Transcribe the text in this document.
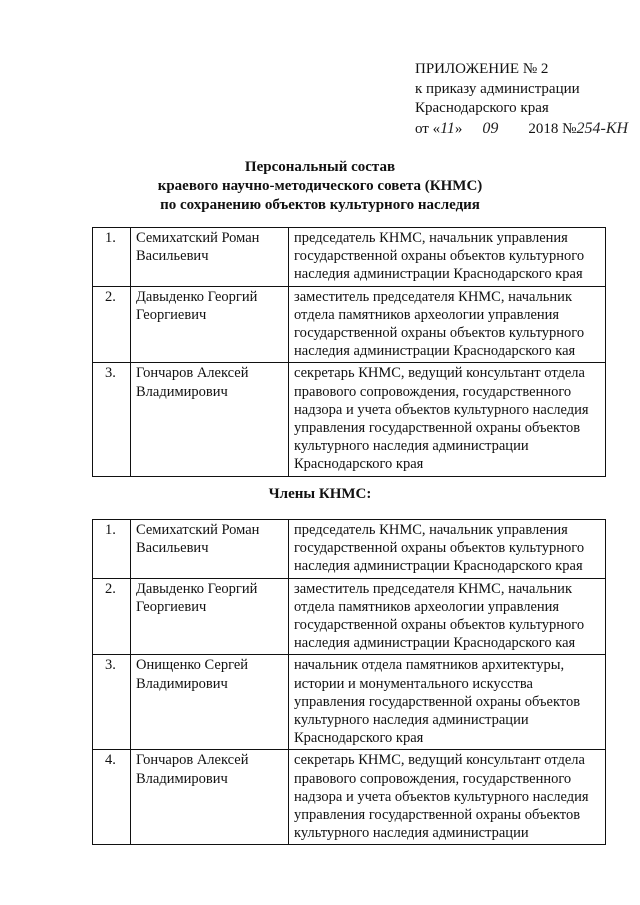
ПРИЛОЖЕНИЕ № 2
к приказу администрации
Краснодарского края
от «11» 09 2018 №254-КН
Персональный состав
краевого научно-методического совета (КНМС)
по сохранению объектов культурного наследия
1.	Семихатский Роман Васильевич	председатель КНМС, начальник управления государственной охраны объектов культурного наследия администрации Краснодарского края
2.	Давыденко Георгий Георгиевич	заместитель председателя КНМС, начальник отдела памятников археологии управления государственной охраны объектов культурного наследия администрации Краснодарского кая
3.	Гончаров Алексей Владимирович	секретарь КНМС, ведущий консультант отдела правового сопровождения, государственного надзора и учета объектов культурного наследия управления государственной охраны объектов культурного наследия администрации Краснодарского края
Члены КНМС:
1.	Семихатский Роман Васильевич	председатель КНМС, начальник управления государственной охраны объектов культурного наследия администрации Краснодарского края
2.	Давыденко Георгий Георгиевич	заместитель председателя КНМС, начальник отдела памятников археологии управления государственной охраны объектов культурного наследия администрации Краснодарского кая
3.	Онищенко Сергей Владимирович	начальник отдела памятников архитектуры, истории и монументального искусства управления государственной охраны объектов культурного наследия администрации Краснодарского края
4.	Гончаров Алексей Владимирович	секретарь КНМС, ведущий консультант отдела правового сопровождения, государственного надзора и учета объектов культурного наследия управления государственной охраны объектов культурного наследия администрации
